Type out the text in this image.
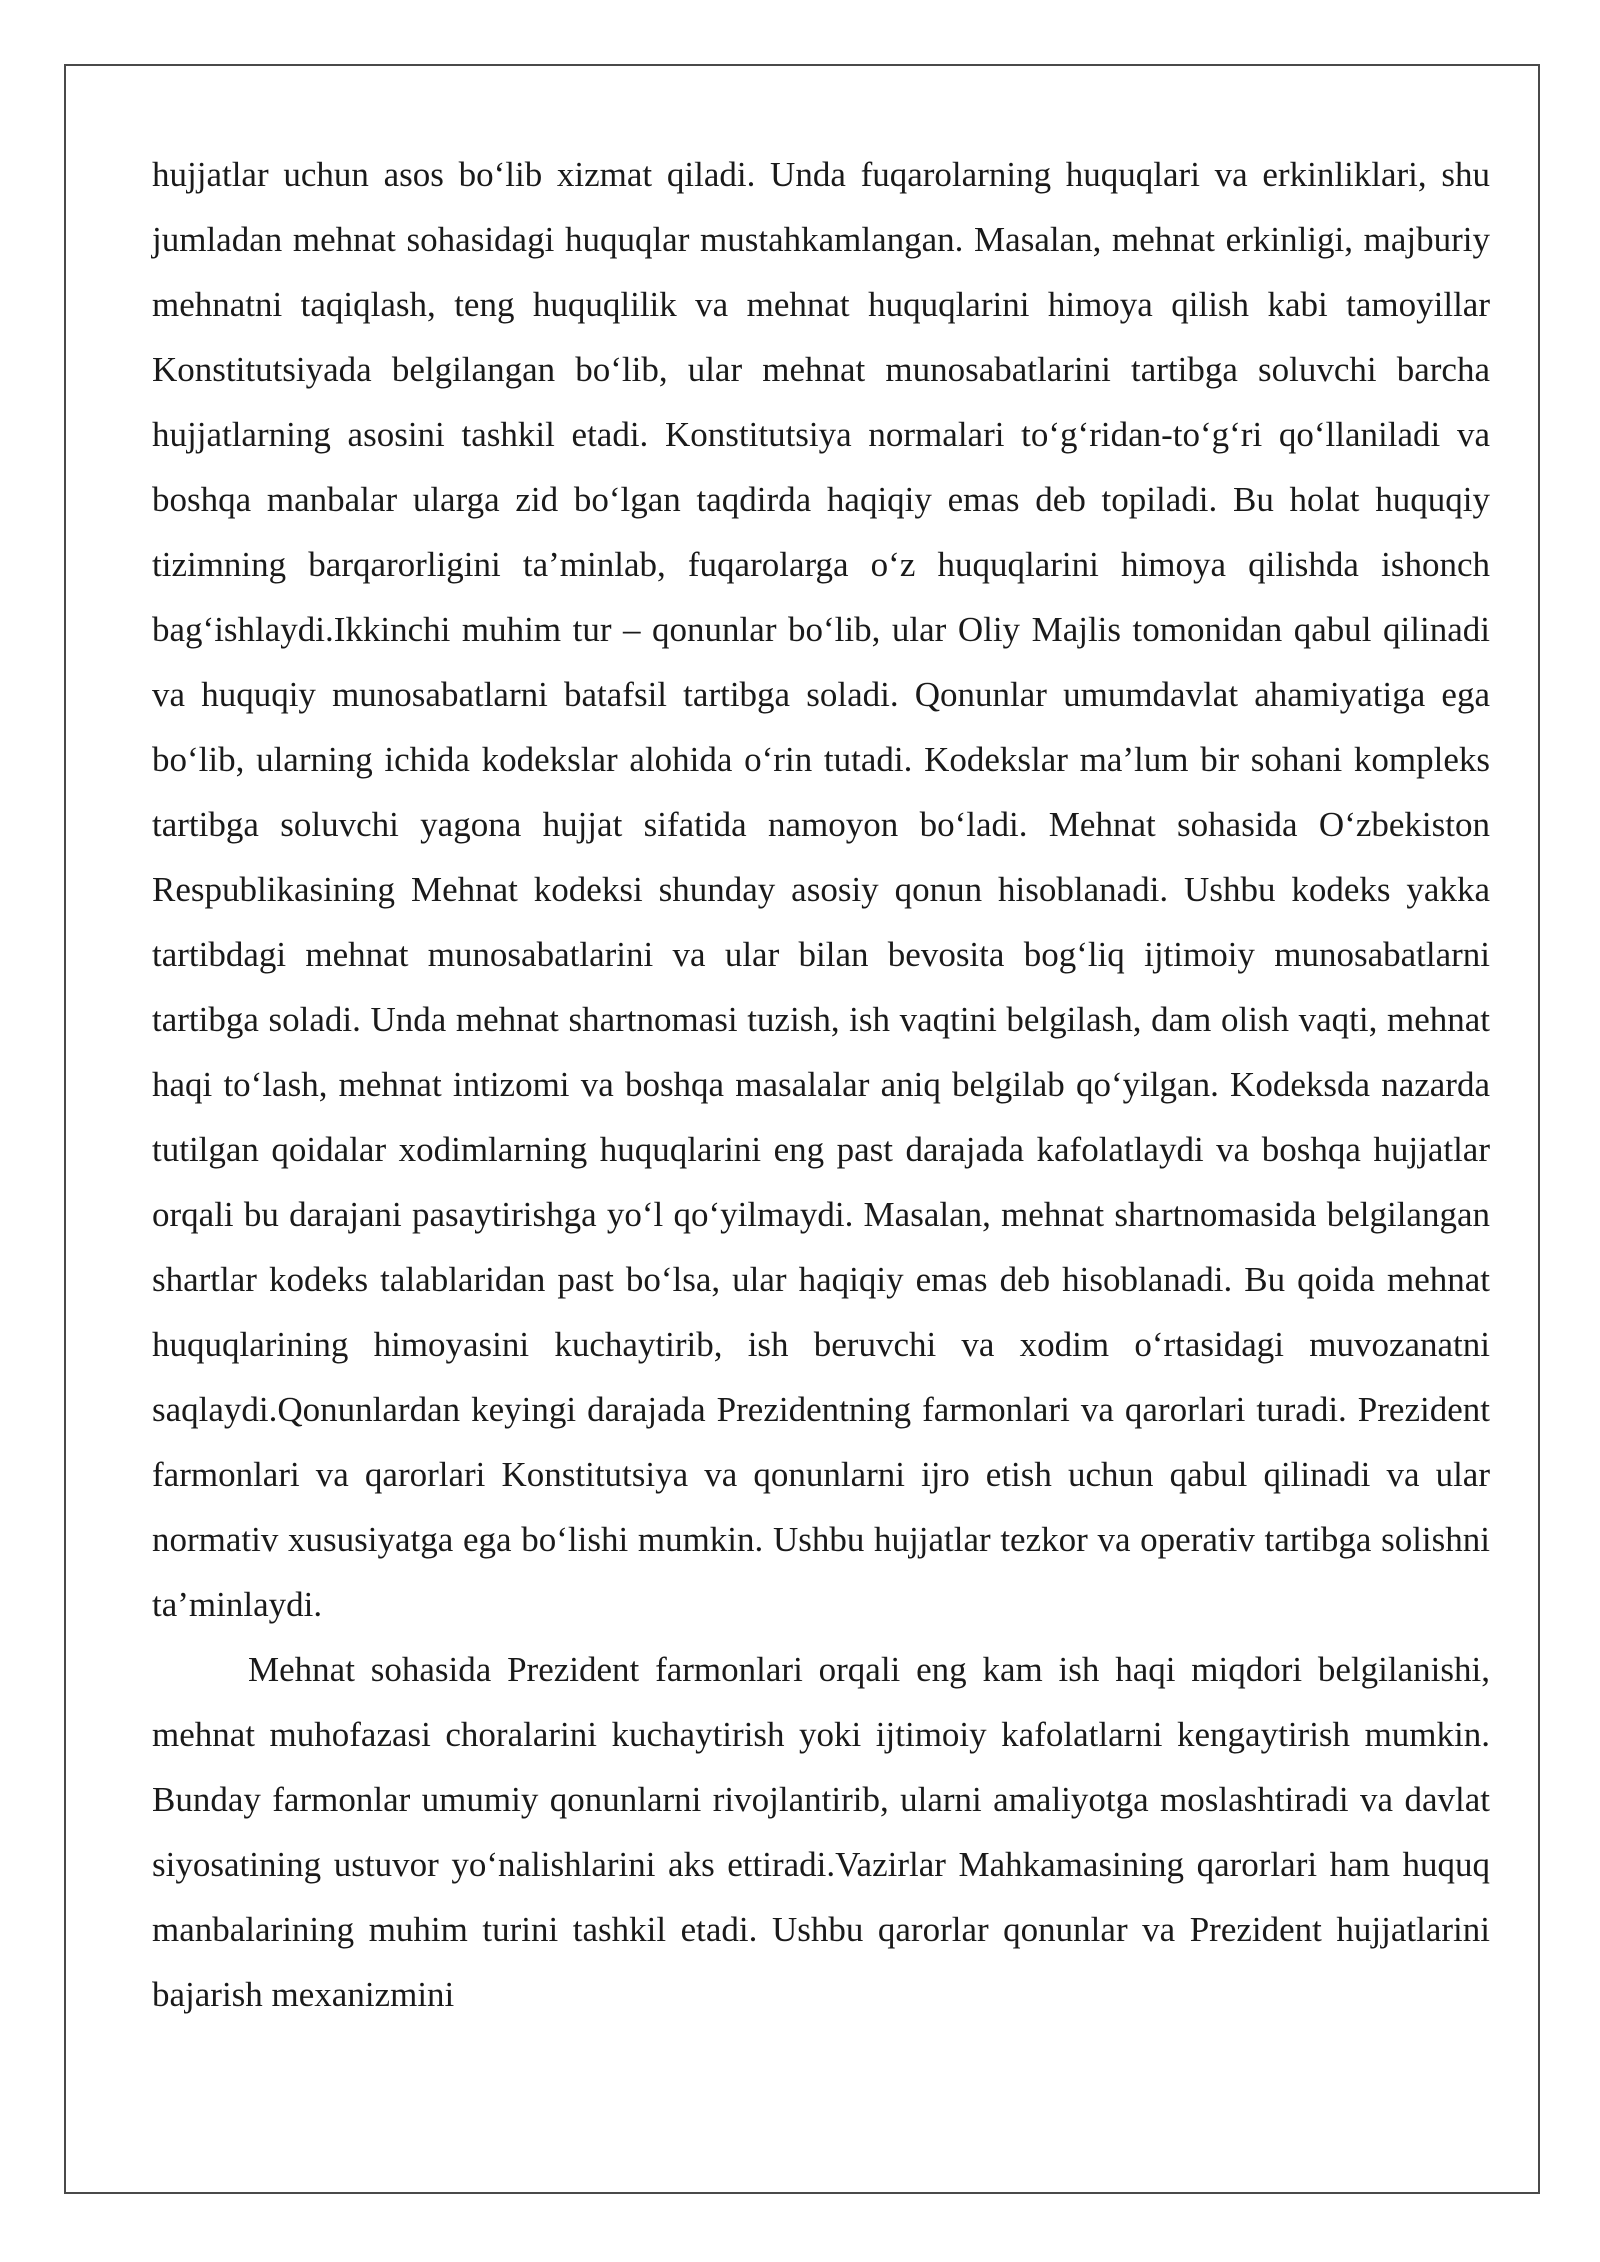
hujjatlar uchun asos bo‘lib xizmat qiladi. Unda fuqarolarning huquqlari va erkinliklari, shu jumladan mehnat sohasidagi huquqlar mustahkamlangan. Masalan, mehnat erkinligi, majburiy mehnatni taqiqlash, teng huquqlilik va mehnat huquqlarini himoya qilish kabi tamoyillar Konstitutsiyada belgilangan bo‘lib, ular mehnat munosabatlarini tartibga soluvchi barcha hujjatlarning asosini tashkil etadi. Konstitutsiya normalari to‘g‘ridan-to‘g‘ri qo‘llaniladi va boshqa manbalar ularga zid bo‘lgan taqdirda haqiqiy emas deb topiladi. Bu holat huquqiy tizimning barqarorligini ta’minlab, fuqarolarga o‘z huquqlarini himoya qilishda ishonch bag‘ishlaydi.Ikkinchi muhim tur – qonunlar bo‘lib, ular Oliy Majlis tomonidan qabul qilinadi va huquqiy munosabatlarni batafsil tartibga soladi. Qonunlar umumdavlat ahamiyatiga ega bo‘lib, ularning ichida kodekslar alohida o‘rin tutadi. Kodekslar ma’lum bir sohani kompleks tartibga soluvchi yagona hujjat sifatida namoyon bo‘ladi. Mehnat sohasida O‘zbekiston Respublikasining Mehnat kodeksi shunday asosiy qonun hisoblanadi. Ushbu kodeks yakka tartibdagi mehnat munosabatlarini va ular bilan bevosita bog‘liq ijtimoiy munosabatlarni tartibga soladi. Unda mehnat shartnomasi tuzish, ish vaqtini belgilash, dam olish vaqti, mehnat haqi to‘lash, mehnat intizomi va boshqa masalalar aniq belgilab qo‘yilgan. Kodeksda nazarda tutilgan qoidalar xodimlarning huquqlarini eng past darajada kafolatlaydi va boshqa hujjatlar orqali bu darajani pasaytirishga yo‘l qo‘yilmaydi. Masalan, mehnat shartnomasida belgilangan shartlar kodeks talablaridan past bo‘lsa, ular haqiqiy emas deb hisoblanadi. Bu qoida mehnat huquqlarining himoyasini kuchaytirib, ish beruvchi va xodim o‘rtasidagi muvozanatni saqlaydi.Qonunlardan keyingi darajada Prezidentning farmonlari va qarorlari turadi. Prezident farmonlari va qarorlari Konstitutsiya va qonunlarni ijro etish uchun qabul qilinadi va ular normativ xususiyatga ega bo‘lishi mumkin. Ushbu hujjatlar tezkor va operativ tartibga solishni ta’minlaydi.

Mehnat sohasida Prezident farmonlari orqali eng kam ish haqi miqdori belgilanishi, mehnat muhofazasi choralarini kuchaytirish yoki ijtimoiy kafolatlarni kengaytirish mumkin. Bunday farmonlar umumiy qonunlarni rivojlantirib, ularni amaliyotga moslashtiradi va davlat siyosatining ustuvor yo‘nalishlarini aks ettiradi.Vazirlar Mahkamasining qarorlari ham huquq manbalarining muhim turini tashkil etadi. Ushbu qarorlar qonunlar va Prezident hujjatlarini bajarish mexanizmini
